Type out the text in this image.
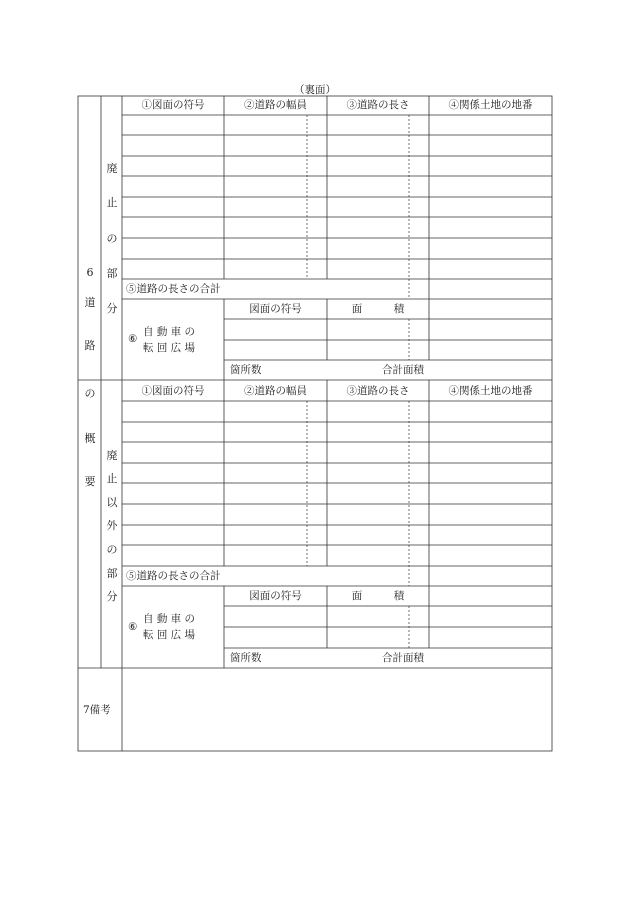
（裏面）
6
道
路
の
概
要
廃
止
の
部
分
廃
止
以
外
の
部
分
①図面の符号	②道路の幅員	③道路の長さ	④関係土地の地番
⑤道路の長さの合計
⑥
自 動 車 の
転 回 広 場
図面の符号	面　　　積
箇所数	合計面積
①図面の符号	②道路の幅員	③道路の長さ	④関係土地の地番
⑤道路の長さの合計
⑥
自 動 車 の
転 回 広 場
図面の符号	面　　　積
箇所数	合計面積
7備考
